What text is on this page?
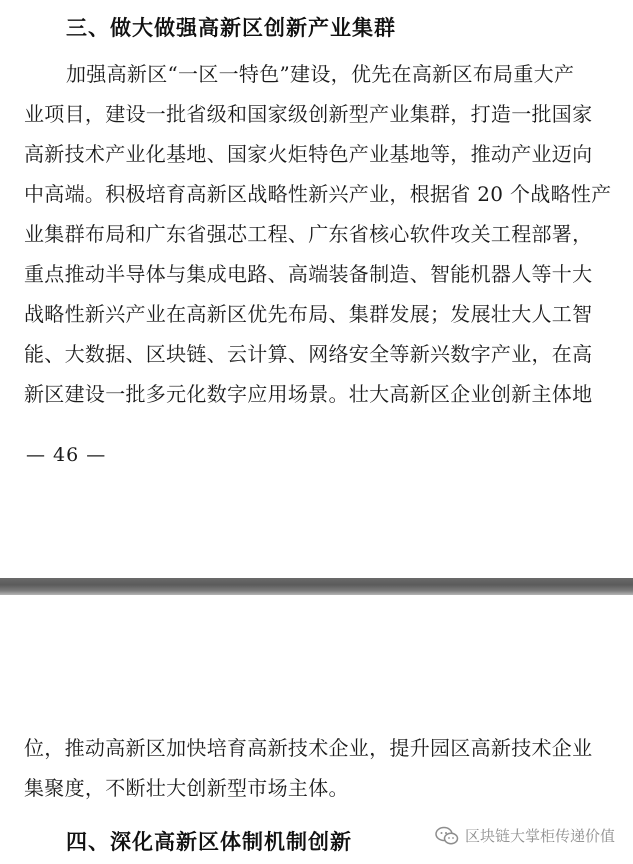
三、做大做强高新区创新产业集群
加强高新区“一区一特色”建设，优先在高新区布局重大产
业项目，建设一批省级和国家级创新型产业集群，打造一批国家
高新技术产业化基地、国家火炬特色产业基地等，推动产业迈向
中高端。积极培育高新区战略性新兴产业，根据省 20 个战略性产
业集群布局和广东省强芯工程、广东省核心软件攻关工程部署，
重点推动半导体与集成电路、高端装备制造、智能机器人等十大
战略性新兴产业在高新区优先布局、集群发展；发展壮大人工智
能、大数据、区块链、云计算、网络安全等新兴数字产业，在高
新区建设一批多元化数字应用场景。壮大高新区企业创新主体地
— 46 —
位，推动高新区加快培育高新技术企业，提升园区高新技术企业
集聚度，不断壮大创新型市场主体。
四、深化高新区体制机制创新	区块链大掌柜传递价值
